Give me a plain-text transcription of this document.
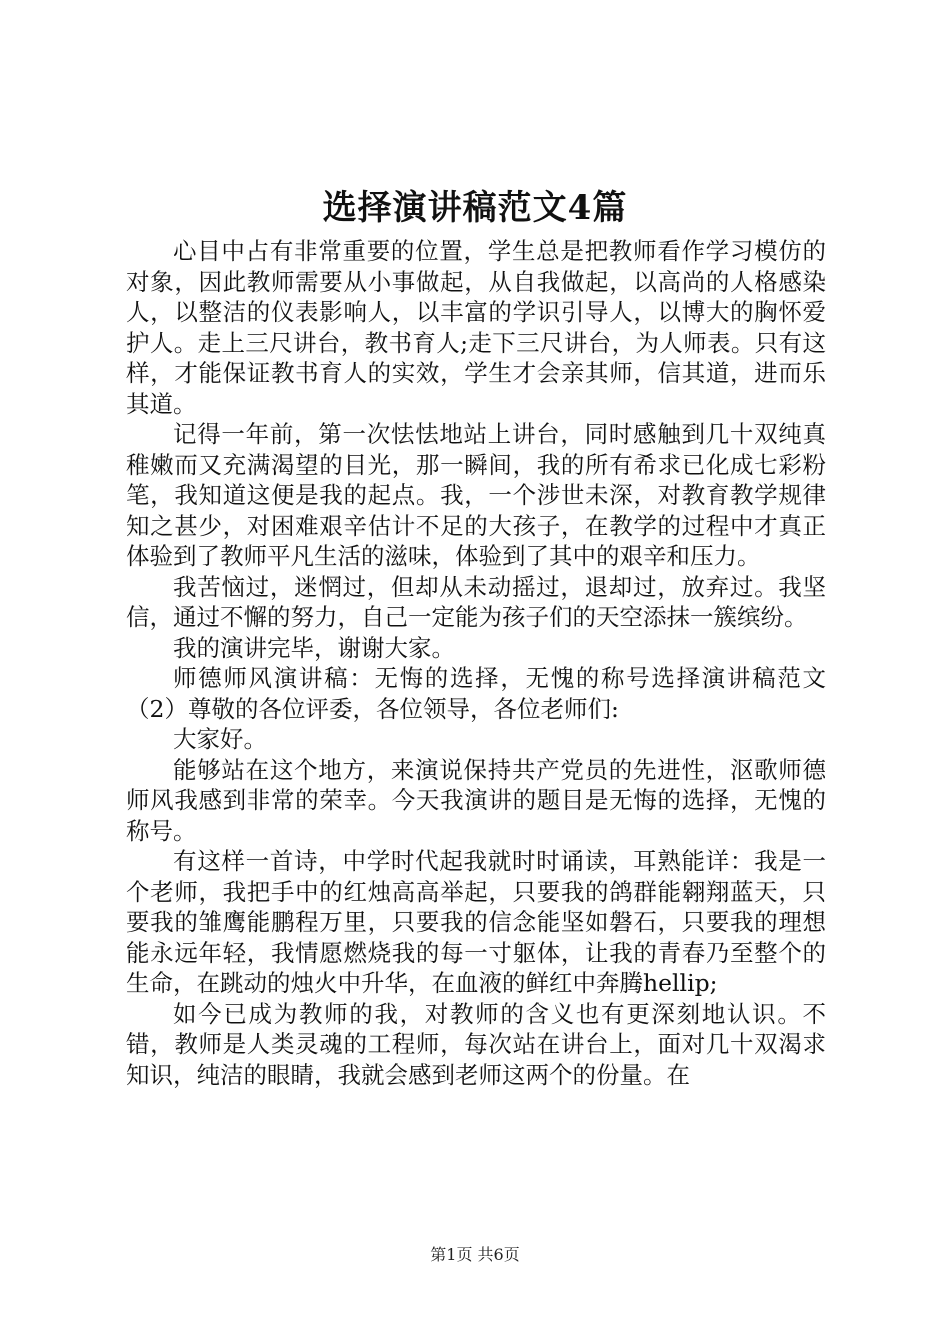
选择演讲稿范文4篇

心目中占有非常重要的位置，学生总是把教师看作学习模仿的对象，因此教师需要从小事做起，从自我做起，以高尚的人格感染人，以整洁的仪表影响人，以丰富的学识引导人，以博大的胸怀爱护人。走上三尺讲台，教书育人;走下三尺讲台，为人师表。只有这样，才能保证教书育人的实效，学生才会亲其师，信其道，进而乐其道。

记得一年前，第一次怯怯地站上讲台，同时感触到几十双纯真稚嫩而又充满渴望的目光，那一瞬间，我的所有希求已化成七彩粉笔，我知道这便是我的起点。我，一个涉世未深，对教育教学规律知之甚少，对困难艰辛估计不足的大孩子，在教学的过程中才真正体验到了教师平凡生活的滋味，体验到了其中的艰辛和压力。

我苦恼过，迷惘过，但却从未动摇过，退却过，放弃过。我坚信，通过不懈的努力，自己一定能为孩子们的天空添抹一簇缤纷。

我的演讲完毕，谢谢大家。

师德师风演讲稿：无悔的选择，无愧的称号选择演讲稿范文（2）尊敬的各位评委，各位领导，各位老师们:

大家好。

能够站在这个地方，来演说保持共产党员的先进性，沤歌师德师风我感到非常的荣幸。今天我演讲的题目是无悔的选择，无愧的称号。

有这样一首诗，中学时代起我就时时诵读，耳熟能详：我是一个老师，我把手中的红烛高高举起，只要我的鸽群能翱翔蓝天，只要我的雏鹰能鹏程万里，只要我的信念能坚如磐石，只要我的理想能永远年轻，我情愿燃烧我的每一寸躯体，让我的青春乃至整个的生命，在跳动的烛火中升华，在血液的鲜红中奔腾hellip;

如今已成为教师的我，对教师的含义也有更深刻地认识。不错，教师是人类灵魂的工程师，每次站在讲台上，面对几十双渴求知识，纯洁的眼睛，我就会感到老师这两个的份量。在

第1页 共6页
